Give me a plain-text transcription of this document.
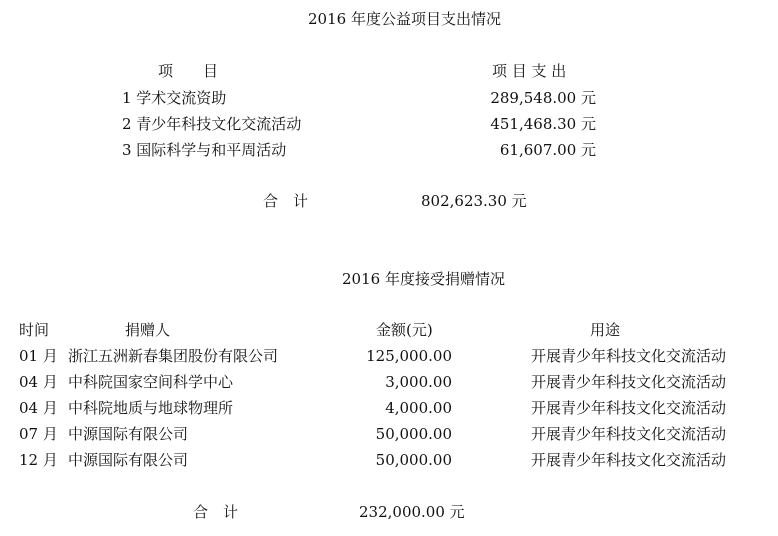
2016 年度公益项目支出情况
项　　目	项 目 支 出
1 学术交流资助	289,548.00 元
2 青少年科技文化交流活动	451,468.30 元
3 国际科学与和平周活动	61,607.00 元
合　计	802,623.30 元
2016 年度接受捐赠情况
时间	捐赠人	金额(元)	用途
01 月 浙江五洲新春集团股份有限公司	125,000.00	开展青少年科技文化交流活动
04 月 中科院国家空间科学中心	3,000.00	开展青少年科技文化交流活动
04 月 中科院地质与地球物理所	4,000.00	开展青少年科技文化交流活动
07 月 中源国际有限公司	50,000.00	开展青少年科技文化交流活动
12 月 中源国际有限公司	50,000.00	开展青少年科技文化交流活动
合　计	232,000.00 元
